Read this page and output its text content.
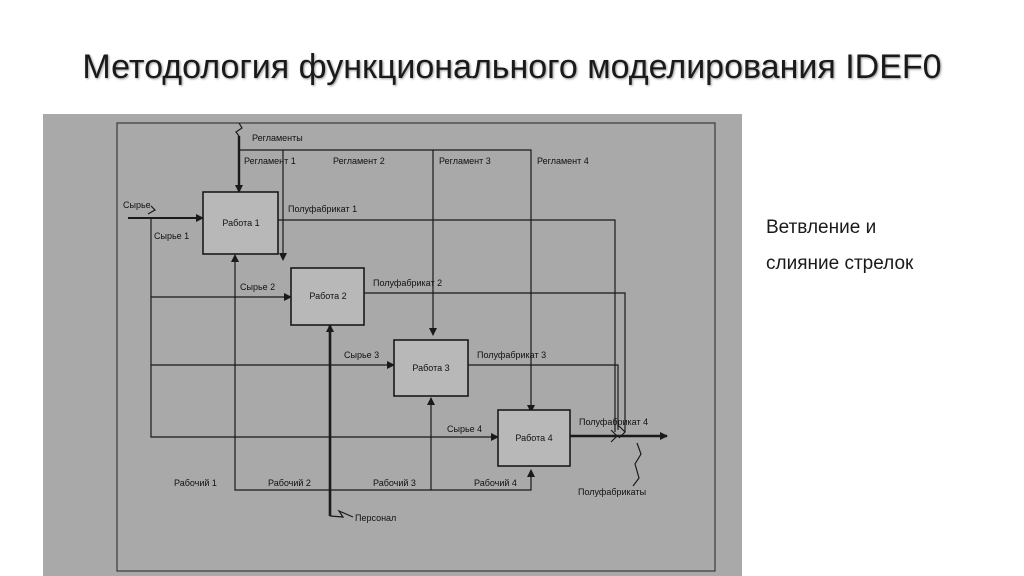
Методология функционального моделирования IDEF0
Работа 1
Работа 2
Работа 3
Работа 4
Регламенты
Регламент 1	Регламент 2	Регламент 3	Регламент 4
Сырье
Сырье 1
Сырье 2
Сырье 3
Сырье 4
Полуфабрикат 1
Полуфабрикат 2
Полуфабрикат 3
Полуфабрикат 4
Полуфабрикаты
Рабочий 1	Рабочий 2	Рабочий 3	Рабочий 4
Персонал
Ветвление и
слияние стрелок
